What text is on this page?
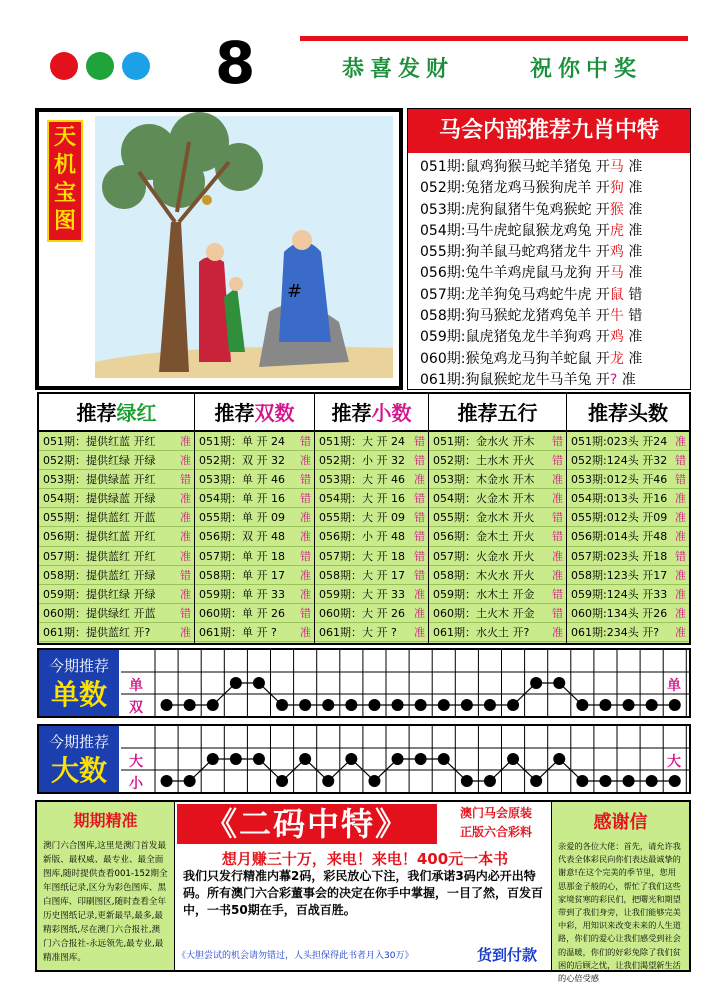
8	恭喜发财	祝你中奖
天机宝图
#
马会内部推荐九肖中特
051期:鼠鸡狗猴马蛇羊猪兔 开马 准
052期:兔猪龙鸡马猴狗虎羊 开狗 准
053期:虎狗鼠猪牛兔鸡猴蛇 开猴 准
054期:马牛虎蛇鼠猴龙鸡兔 开虎 准
055期:狗羊鼠马蛇鸡猪龙牛 开鸡 准
056期:兔牛羊鸡虎鼠马龙狗 开马 准
057期:龙羊狗兔马鸡蛇牛虎 开鼠 错
058期:狗马猴蛇龙猪鸡兔羊 开牛 错
059期:鼠虎猪兔龙牛羊狗鸡 开鸡 准
060期:猴兔鸡龙马狗羊蛇鼠 开龙 准
061期:狗鼠猴蛇龙牛马羊兔 开? 准
推荐绿红
051期：提供红蓝 开红 准
052期：提供红绿 开绿 准
053期：提供绿蓝 开红 错
054期：提供绿蓝 开绿 准
055期：提供蓝红 开蓝 准
056期：提供红蓝 开红 准
057期：提供蓝红 开红 准
058期：提供蓝红 开绿 错
059期：提供红绿 开绿 准
060期：提供绿红 开蓝 错
061期：提供蓝红 开?	准
推荐双数
051期：单 开 24 错
052期：双 开 32 准
053期：单 开 46 错
054期：单 开 16 错
055期：单 开 09 准
056期：双 开 48 准
057期：单 开 18 错
058期：单 开 17 准
059期：单 开 33 准
060期：单 开 26 错
061期：单 开 ? 准
推荐小数
051期：大 开 24 错
052期：小 开 32 错
053期：大 开 46 准
054期：大 开 16 错
055期：大 开 09 错
056期：小 开 48 错
057期：大 开 18 错
058期：大 开 17 错
059期：大 开 33 准
060期：大 开 26 准
061期：大 开 ? 准
推荐五行
051期：金水火 开木 错
052期：土水木 开火 错
053期：木金水 开木 准
054期：火金木 开木 准
055期：金水木 开火 错
056期：金木土 开火 错
057期：火金水 开火 准
058期：木火水 开火 准
059期：水木土 开金 错
060期：土火木 开金 错
061期：水火土 开? 准
推荐头数
051期:023头 开24 准
052期:124头 开32 错
053期:012头 开46 错
054期:013头 开16 准
055期:012头 开09 准
056期:014头 开48 准
057期:023头 开18 错
058期:123头 开17 准
059期:124头 开33 准
060期:134头 开26 准
061期:234头 开? 准
今期推荐
单数	单
双
单
今期推荐
大数	大
小
大
期期精准
澳门六合图库,这里是澳门首发最新版、最权威、最专业、最全面图库,随时提供查看001-152期全年图纸记录,区分为彩色图库、黑白图库、印刷图区,随时查看全年历史图纸记录,更新最早,最多,最精彩图纸,尽在澳门六合报社,澳门六合报社-永远领先,最专业,最精准图库。
《二码中特》	澳门马会原装
正版六合彩料
想月赚三十万，来电！来电！400元一本书
我们只发行精准内幕2码，彩民放心下注，我们承诺3码内必开出特码。所有澳门六合彩董事会的决定在你手中掌握，一目了然，百发百中，一书50期在手，百战百胜。
《大胆尝试的机会请勿错过，人头担保得此书者月入30万》	货到付款
感谢信
亲爱的各位大佬：首先，请允许我代表全体彩民向你们表达最诚挚的谢意!在这个完美的季节里，您用思那金子般的心，帮忙了我们这些家境贫寒的彩民们，把曙光和期望带到了我们身旁，让我们能够完美中彩，用知识来改变未来的人生道路，你们的爱心让我们感受到社会的温暖，你们的好彩兔除了我们贫困的后顾之忧，让我们渴望新生活的心倍受感
